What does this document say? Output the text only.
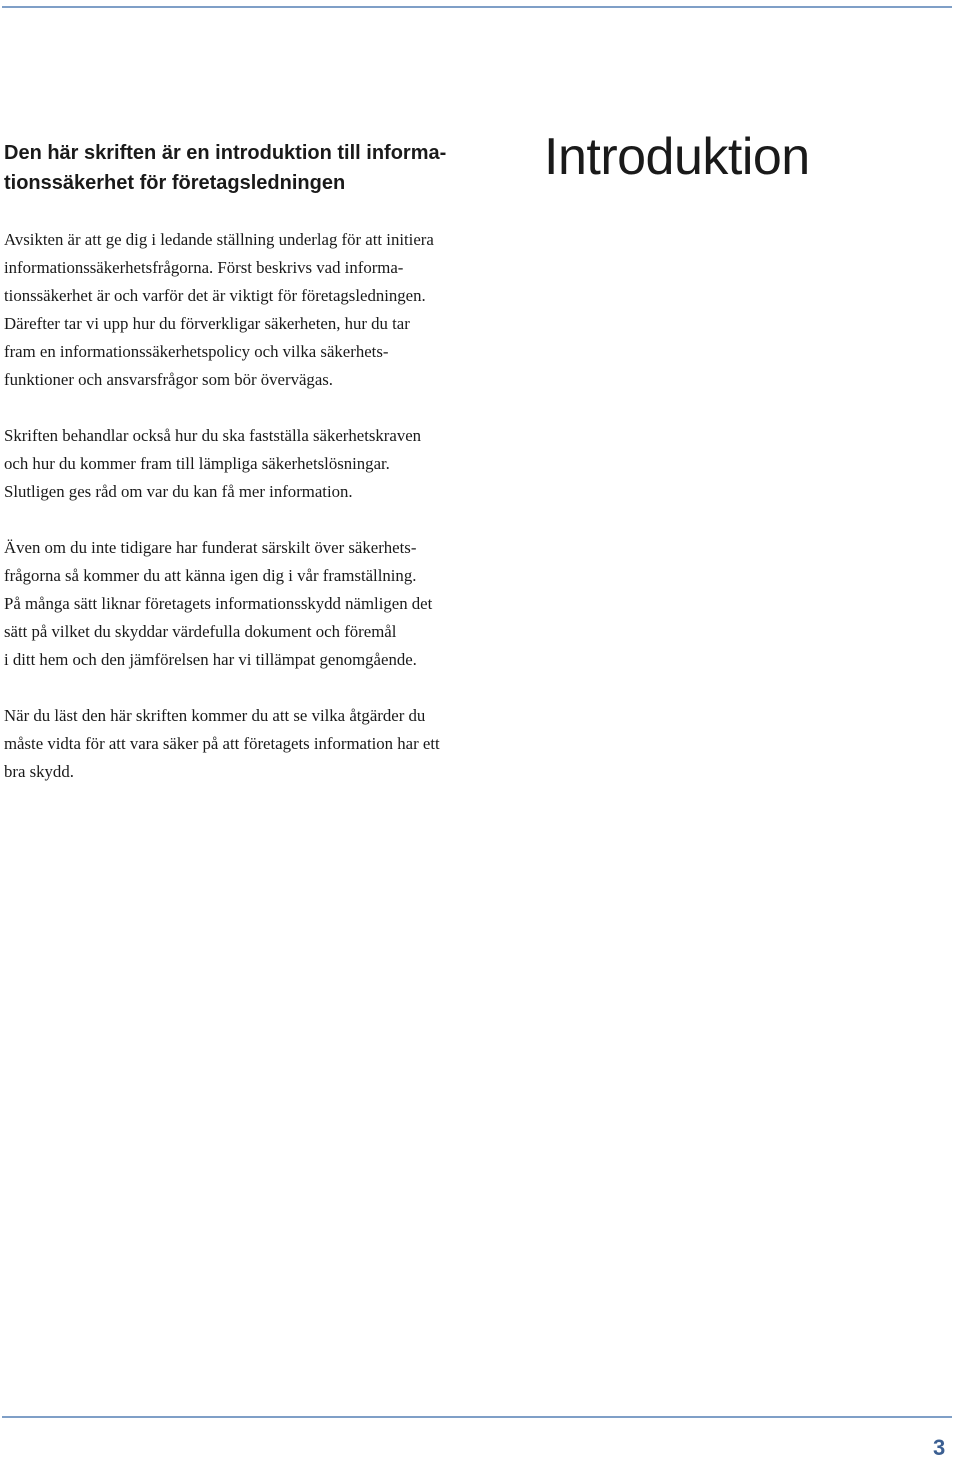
Introduktion
Den här skriften är en introduktion till informa-
tionssäkerhet för företagsledningen

Avsikten är att ge dig i ledande ställning underlag för att initiera
informationssäkerhetsfrågorna. Först beskrivs vad informa-
tionssäkerhet är och varför det är viktigt för företagsledningen.
Därefter tar vi upp hur du förverkligar säkerheten, hur du tar
fram en informationssäkerhetspolicy och vilka säkerhets-
funktioner och ansvarsfrågor som bör övervägas.

Skriften behandlar också hur du ska fastställa säkerhetskraven
och hur du kommer fram till lämpliga säkerhetslösningar.
Slutligen ges råd om var du kan få mer information.

Även om du inte tidigare har funderat särskilt över säkerhets-
frågorna så kommer du att känna igen dig i vår framställning.
På många sätt liknar företagets informationsskydd nämligen det
sätt på vilket du skyddar värdefulla dokument och föremål
i ditt hem och den jämförelsen har vi tillämpat genomgående.

När du läst den här skriften kommer du att se vilka åtgärder du
måste vidta för att vara säker på att företagets information har ett
bra skydd.

3
